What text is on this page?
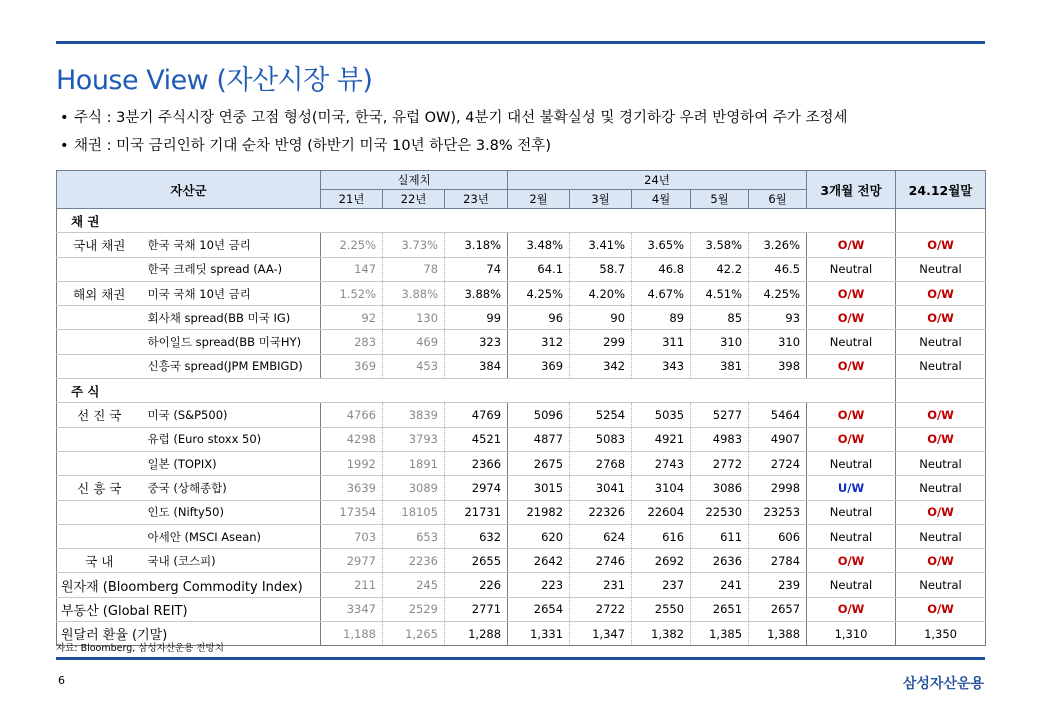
House View (자산시장 뷰)
• 주식 : 3분기 주식시장 연중 고점 형성(미국, 한국, 유럽 OW), 4분기 대선 불확실성 및 경기하강 우려 반영하여 주가 조정세
• 채권 : 미국 금리인하 기대 순차 반영 (하반기 미국 10년 하단은 3.8% 전후)
자산군		실제치			24년					3개월 전망	24.12월말
		21년	22년	23년	2월	3월	4월	5월	6월		
채 권											
국내 채권	한국 국채 10년 금리	2.25%	3.73%	3.18%	3.48%	3.41%	3.65%	3.58%	3.26%	O/W	O/W
	한국 크레딧 spread (AA-)	147	78	74	64.1	58.7	46.8	42.2	46.5	Neutral	Neutral
해외 채권	미국 국채 10년 금리	1.52%	3.88%	3.88%	4.25%	4.20%	4.67%	4.51%	4.25%	O/W	O/W
	회사채 spread(BB 미국 IG)	92	130	99	96	90	89	85	93	O/W	O/W
	하이일드 spread(BB 미국HY)	283	469	323	312	299	311	310	310	Neutral	Neutral
	신흥국 spread(JPM EMBIGD)	369	453	384	369	342	343	381	398	O/W	Neutral
주 식											
선 진 국	미국 (S&P500)	4766	3839	4769	5096	5254	5035	5277	5464	O/W	O/W
	유럽 (Euro stoxx 50)	4298	3793	4521	4877	5083	4921	4983	4907	O/W	O/W
	일본 (TOPIX)	1992	1891	2366	2675	2768	2743	2772	2724	Neutral	Neutral
신 흥 국	중국 (상해종합)	3639	3089	2974	3015	3041	3104	3086	2998	U/W	Neutral
	인도 (Nifty50)	17354	18105	21731	21982	22326	22604	22530	23253	Neutral	O/W
	아세안 (MSCI Asean)	703	653	632	620	624	616	611	606	Neutral	Neutral
국 내	국내 (코스피)	2977	2236	2655	2642	2746	2692	2636	2784	O/W	O/W
원자재 (Bloomberg Commodity Index)		211	245	226	223	231	237	241	239	Neutral	Neutral
부동산 (Global REIT)		3347	2529	2771	2654	2722	2550	2651	2657	O/W	O/W
원달러 환율 (기말)		1,188	1,265	1,288	1,331	1,347	1,382	1,385	1,388	1,310	1,350
자료: Bloomberg, 삼성자산운용 전망치
6	삼성자산운용
